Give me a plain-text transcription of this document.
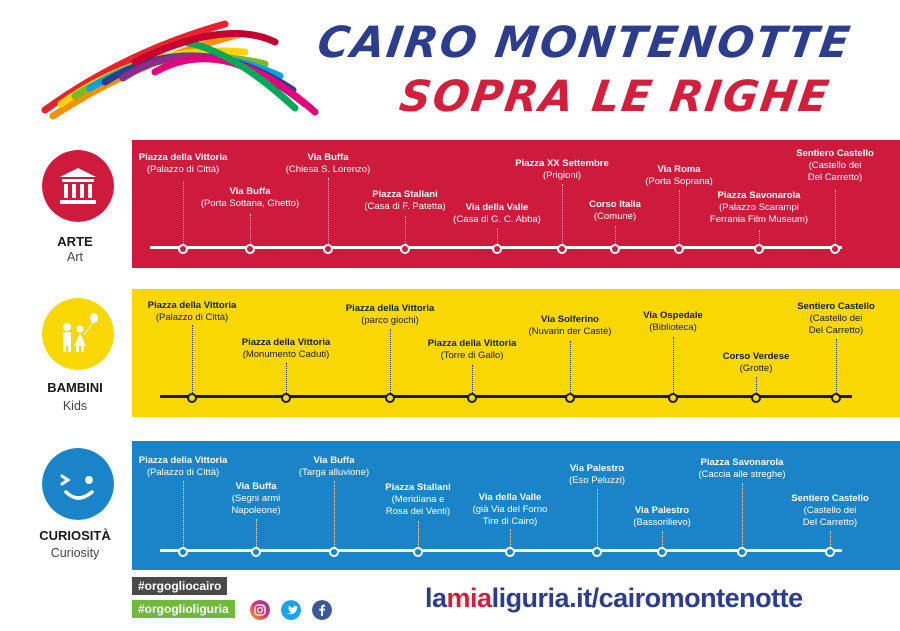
CAIRO MONTENOTTE
SOPRA LE RIGHE
ARTE
Art
BAMBINI
Kids
CURIOSITÀ
Curiosity
Piazza della Vittoria
(Palazzo di Città)
Via Buffa
(Porta Sottana, Ghetto)
Via Buffa
(Chiesa S. Lorenzo)
Piazza Stallani
(Casa di F. Patetta)	Via della Valle
(Casa di G. C. Abba)
Piazza XX Settembre
(Prigioni)
Corso Italia
(Comune)
Via Roma
(Porta Soprana)
Piazza Savonarola
(Palazzo Scarampi
Ferrania Film Museum)
Sentiero Castello
(Castello dei
Del Carretto)
Piazza della Vittoria
(Palazzo di Città)
Piazza della Vittoria
(Monumento Caduti)
Piazza della Vittoria
(parco giochi)
Piazza della Vittoria
(Torre di Gallo)
Via Solferino
(Nuvarin der Castè)
Via Ospedale
(Biblioteca)
Corso Verdese
(Grotte)
Sentiero Castello
(Castello dei
Del Carretto)
Piazza della Vittoria
(Palazzo di Città)
Via Buffa
(Segni armi
Napoleone)
Via Buffa
(Targa alluvione)
Piazza Stallani
(Meridiana e
Rosa dei Venti)
Via della Valle
(già Via del Forno
Tire di Cairo)
Via Palestro
(Eso Peluzzi)
Via Palestro
(Bassorilievo)
Piazza Savonarola
(Caccia alle streghe)
Sentiero Castello
(Castello dei
Del Carretto)
#orgogliocairo
#orgoglioliguria	lamialiguria.it/cairomontenotte
